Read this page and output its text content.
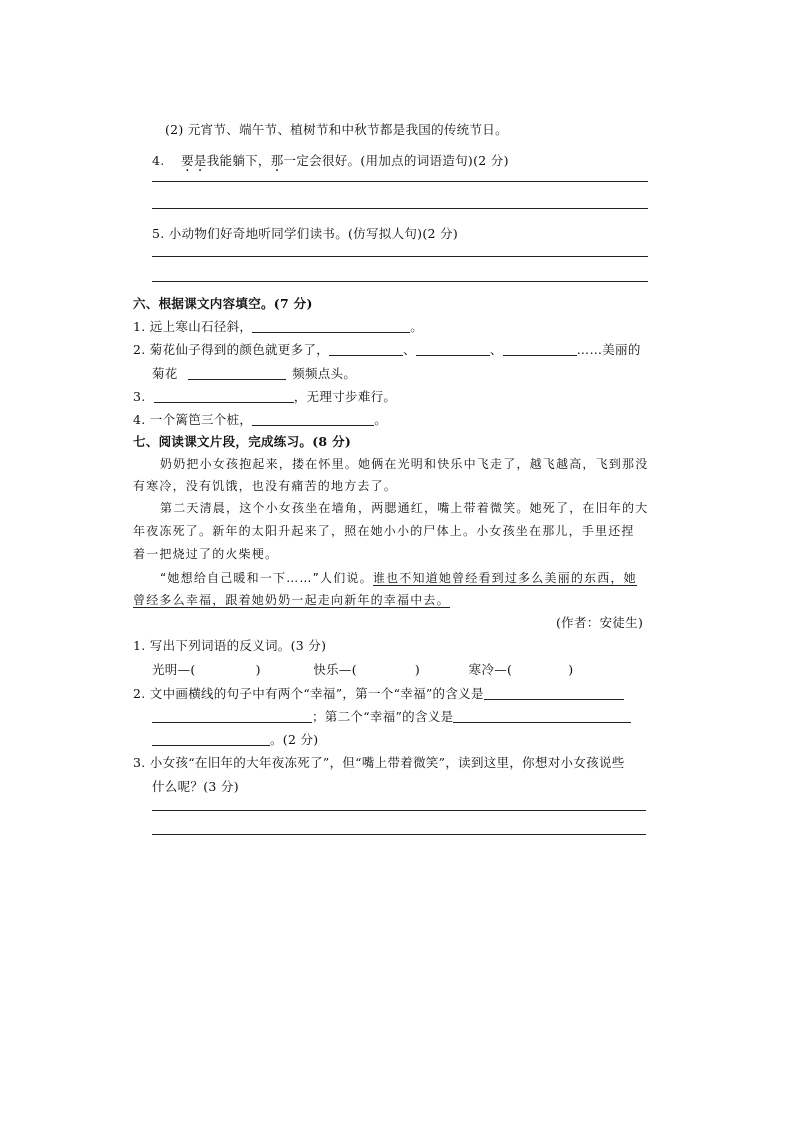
(2) 元宵节、端午节、植树节和中秋节都是我国的传统节日。
4. 要是我能躺下，那一定会很好。(用加点的词语造句)(2 分)
5. 小动物们好奇地听同学们读书。(仿写拟人句)(2 分)
六、根据课文内容填空。(7 分)
1. 远上寒山石径斜，	。
2. 菊花仙子得到的颜色就更多了，	、	、	……美丽的
菊花	频频点头。
3.	，无理寸步难行。
4. 一个篱笆三个桩，	。
七、阅读课文片段，完成练习。(8 分)
奶奶把小女孩抱起来，搂在怀里。她俩在光明和快乐中飞走了，越飞越高，飞到那没
有寒冷，没有饥饿，也没有痛苦的地方去了。
第二天清晨，这个小女孩坐在墙角，两腮通红，嘴上带着微笑。她死了，在旧年的大
年夜冻死了。新年的太阳升起来了，照在她小小的尸体上。小女孩坐在那儿，手里还捏
着一把烧过了的火柴梗。
“她想给自己暖和一下……”人们说。谁也不知道她曾经看到过多么美丽的东西，她
曾经多么幸福，跟着她奶奶一起走向新年的幸福中去。
(作者：安徒生)
1. 写出下列词语的反义词。(3 分)
光明—(	)	快乐—(	)	寒冷—(	)
2. 文中画横线的句子中有两个“幸福”，第一个“幸福”的含义是
；第二个“幸福”的含义是
。(2 分)
3. 小女孩“在旧年的大年夜冻死了”，但“嘴上带着微笑”，读到这里，你想对小女孩说些
什么呢？(3 分)
